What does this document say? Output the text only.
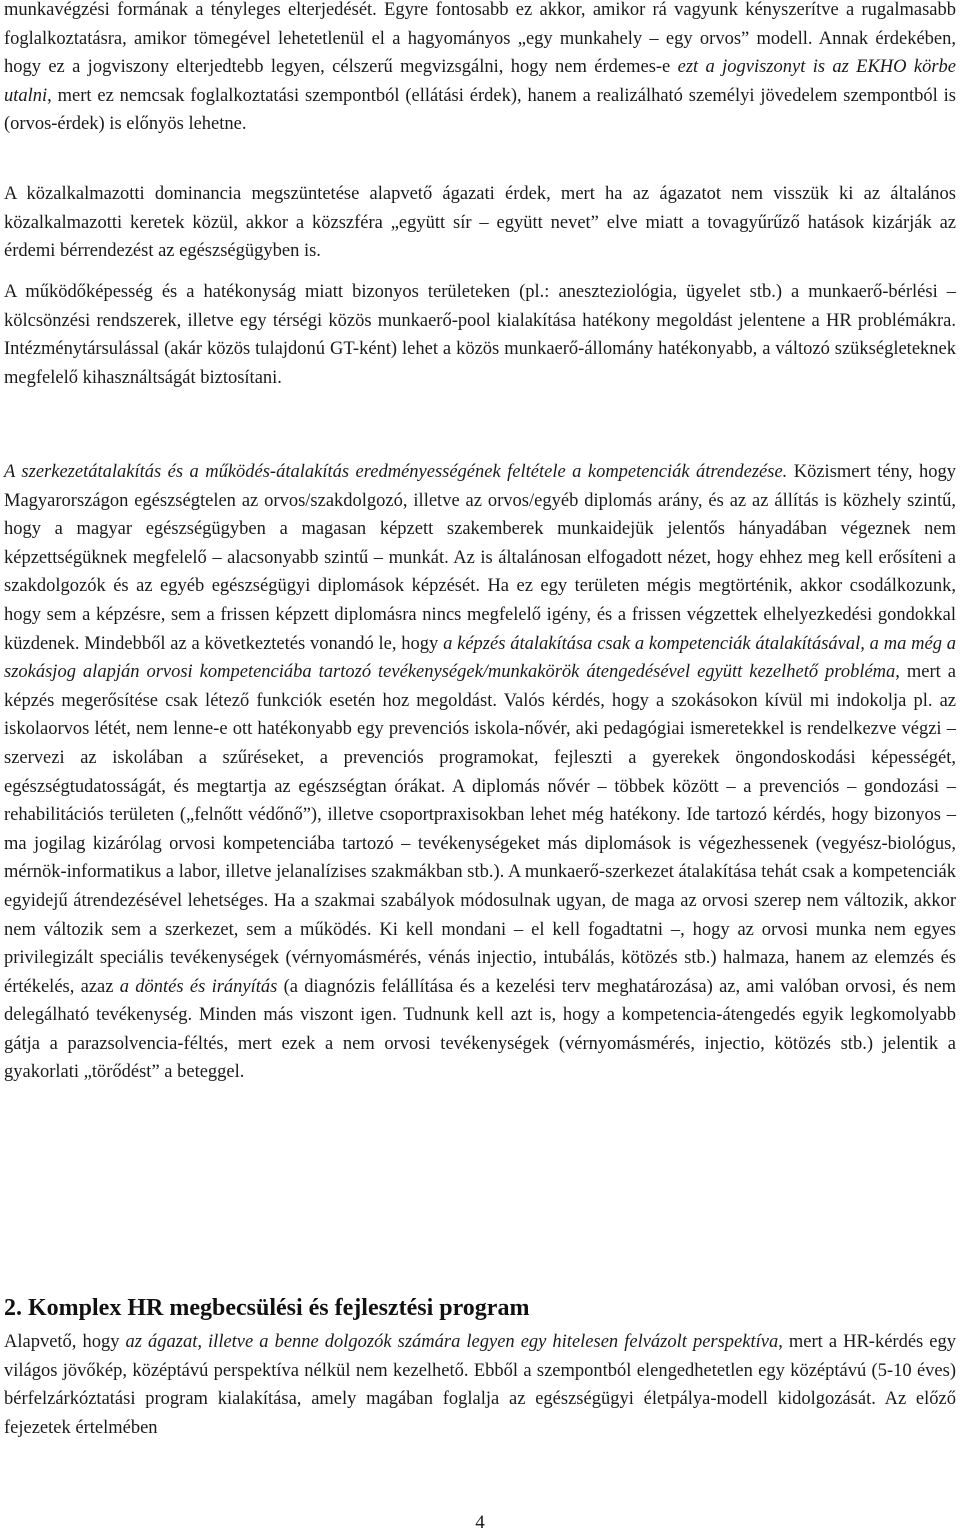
munkavégzési formának a tényleges elterjedését. Egyre fontosabb ez akkor, amikor rá vagyunk kényszerítve a rugalmasabb foglalkoztatásra, amikor tömegével lehetetlenül el a hagyományos „egy munkahely – egy orvos” modell. Annak érdekében, hogy ez a jogviszony elterjedtebb legyen, célszerű megvizsgálni, hogy nem érdemes-e ezt a jogviszonyt is az EKHO körbe utalni, mert ez nemcsak foglalkoztatási szempontból (ellátási érdek), hanem a realizálható személyi jövedelem szempontból is (orvos-érdek) is előnyös lehetne.

A közalkalmazotti dominancia megszüntetése alapvető ágazati érdek, mert ha az ágazatot nem visszük ki az általános közalkalmazotti keretek közül, akkor a közszféra „együtt sír – együtt nevet” elve miatt a tovagyűrűző hatások kizárják az érdemi bérrendezést az egészségügyben is.

A működőképesség és a hatékonyság miatt bizonyos területeken (pl.: aneszteziológia, ügyelet stb.) a munkaerő-bérlési – kölcsönzési rendszerek, illetve egy térségi közös munkaerő-pool kialakítása hatékony megoldást jelentene a HR problémákra. Intézménytársulással (akár közös tulajdonú GT-ként) lehet a közös munkaerő-állomány hatékonyabb, a változó szükségleteknek megfelelő kihasználtságát biztosítani.

A szerkezetátalakítás és a működés-átalakítás eredményességének feltétele a kompetenciák átrendezése. Közismert tény, hogy Magyarországon egészségtelen az orvos/szakdolgozó, illetve az orvos/egyéb diplomás arány, és az az állítás is közhely szintű, hogy a magyar egészségügyben a magasan képzett szakemberek munkaidejük jelentős hányadában végeznek nem képzettségüknek megfelelő – alacsonyabb szintű – munkát. Az is általánosan elfogadott nézet, hogy ehhez meg kell erősíteni a szakdolgozók és az egyéb egészségügyi diplomások képzését. Ha ez egy területen mégis megtörténik, akkor csodálkozunk, hogy sem a képzésre, sem a frissen képzett diplomásra nincs megfelelő igény, és a frissen végzettek elhelyezkedési gondokkal küzdenek. Mindebből az a következtetés vonandó le, hogy a képzés átalakítása csak a kompetenciák átalakításával, a ma még a szokásjog alapján orvosi kompetenciába tartozó tevékenységek/munkakörök átengedésével együtt kezelhető probléma, mert a képzés megerősítése csak létező funkciók esetén hoz megoldást. Valós kérdés, hogy a szokásokon kívül mi indokolja pl. az iskolaorvos létét, nem lenne-e ott hatékonyabb egy prevenciós iskola-nővér, aki pedagógiai ismeretekkel is rendelkezve végzi –szervezi az iskolában a szűréseket, a prevenciós programokat, fejleszti a gyerekek öngondoskodási képességét, egészségtudatosságát, és megtartja az egészségtan órákat. A diplomás nővér – többek között – a prevenciós – gondozási – rehabilitációs területen („felnőtt védőnő”), illetve csoportpraxisokban lehet még hatékony. Ide tartozó kérdés, hogy bizonyos – ma jogilag kizárólag orvosi kompetenciába tartozó – tevékenységeket más diplomások is végezhessenek (vegyész-biológus, mérnök-informatikus a labor, illetve jelanalízises szakmákban stb.). A munkaerő-szerkezet átalakítása tehát csak a kompetenciák egyidejű átrendezésével lehetséges. Ha a szakmai szabályok módosulnak ugyan, de maga az orvosi szerep nem változik, akkor nem változik sem a szerkezet, sem a működés. Ki kell mondani – el kell fogadtatni –, hogy az orvosi munka nem egyes privilegizált speciális tevékenységek (vérnyomásmérés, vénás injectio, intubálás, kötözés stb.) halmaza, hanem az elemzés és értékelés, azaz a döntés és irányítás (a diagnózis felállítása és a kezelési terv meghatározása) az, ami valóban orvosi, és nem delegálható tevékenység. Minden más viszont igen. Tudnunk kell azt is, hogy a kompetencia-átengedés egyik legkomolyabb gátja a parazsolvencia-féltés, mert ezek a nem orvosi tevékenységek (vérnyomásmérés, injectio, kötözés stb.) jelentik a gyakorlati „törődést” a beteggel.

2. Komplex HR megbecsülési és fejlesztési program

Alapvető, hogy az ágazat, illetve a benne dolgozók számára legyen egy hitelesen felvázolt perspektíva, mert a HR-kérdés egy világos jövőkép, középtávú perspektíva nélkül nem kezelhető. Ebből a szempontból elengedhetetlen egy középtávú (5-10 éves) bérfelzárkóztatási program kialakítása, amely magában foglalja az egészségügyi életpálya-modell kidolgozását. Az előző fejezetek értelmében

4
